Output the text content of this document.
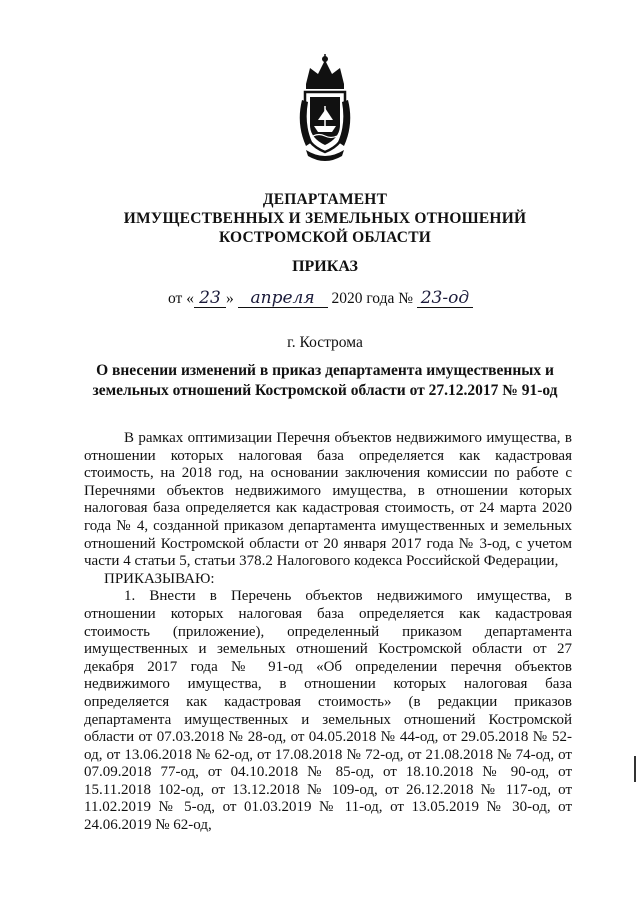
ДЕПАРТАМЕНТ
ИМУЩЕСТВЕННЫХ И ЗЕМЕЛЬНЫХ ОТНОШЕНИЙ
КОСТРОМСКОЙ ОБЛАСТИ
ПРИКАЗ
от « 23 » апреля 2020 года № 23-од
г. Кострома
О внесении изменений в приказ департамента имущественных и земельных отношений Костромской области от 27.12.2017 № 91-од

В рамках оптимизации Перечня объектов недвижимого имущества, в отношении которых налоговая база определяется как кадастровая стоимость, на 2018 год, на основании заключения комиссии по работе с Перечнями объектов недвижимого имущества, в отношении которых налоговая база определяется как кадастровая стоимость, от 24 марта 2020 года № 4, созданной приказом департамента имущественных и земельных отношений Костромской области от 20 января 2017 года № 3-од, с учетом части 4 статьи 5, статьи 378.2 Налогового кодекса Российской Федерации,

ПРИКАЗЫВАЮ:

1. Внести в Перечень объектов недвижимого имущества, в отношении которых налоговая база определяется как кадастровая стоимость (приложение), определенный приказом департамента имущественных и земельных отношений Костромской области от 27 декабря 2017 года № 91-од «Об определении перечня объектов недвижимого имущества, в отношении которых налоговая база определяется как кадастровая стоимость» (в редакции приказов департамента имущественных и земельных отношений Костромской области от 07.03.2018 № 28-од, от 04.05.2018 № 44-од, от 29.05.2018 № 52-од, от 13.06.2018 № 62-од, от 17.08.2018 № 72-од, от 21.08.2018 № 74-од, от 07.09.2018 77-од, от 04.10.2018 № 85-од, от 18.10.2018 № 90-од, от 15.11.2018 102-од, от 13.12.2018 № 109-од, от 26.12.2018 № 117-од, от 11.02.2019 № 5-од, от 01.03.2019 № 11-од, от 13.05.2019 № 30-од, от 24.06.2019 № 62-од,
